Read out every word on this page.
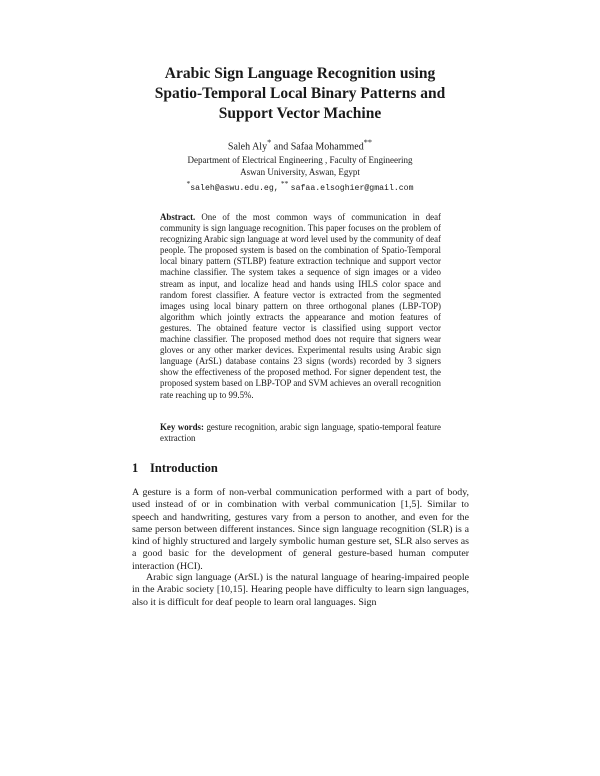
Arabic Sign Language Recognition using
Spatio-Temporal Local Binary Patterns and
Support Vector Machine
Saleh Aly* and Safaa Mohammed**
Department of Electrical Engineering , Faculty of Engineering
Aswan University, Aswan, Egypt
*saleh@aswu.edu.eg, ** safaa.elsoghier@gmail.com
Abstract. One of the most common ways of communication in deaf community is sign language recognition. This paper focuses on the problem of recognizing Arabic sign language at word level used by the community of deaf people. The proposed system is based on the combination of Spatio-Temporal local binary pattern (STLBP) feature extraction technique and support vector machine classifier. The system takes a sequence of sign images or a video stream as input, and localize head and hands using IHLS color space and random forest classifier. A feature vector is extracted from the segmented images using local binary pattern on three orthogonal planes (LBP-TOP) algorithm which jointly extracts the appearance and motion features of gestures. The obtained feature vector is classified using support vector machine classifier. The proposed method does not require that signers wear gloves or any other marker devices. Experimental results using Arabic sign language (ArSL) database contains 23 signs (words) recorded by 3 signers show the effectiveness of the proposed method. For signer dependent test, the proposed system based on LBP-TOP and SVM achieves an overall recognition rate reaching up to 99.5%.
Key words: gesture recognition, arabic sign language, spatio-temporal feature extraction
1 Introduction
A gesture is a form of non-verbal communication performed with a part of body, used instead of or in combination with verbal communication [1,5]. Similar to speech and handwriting, gestures vary from a person to another, and even for the same person between different instances. Since sign language recognition (SLR) is a kind of highly structured and largely symbolic human gesture set, SLR also serves as a good basic for the development of general gesture-based human computer interaction (HCI).
Arabic sign language (ArSL) is the natural language of hearing-impaired people in the Arabic society [10,15]. Hearing people have difficulty to learn sign languages, also it is difficult for deaf people to learn oral languages. Sign
